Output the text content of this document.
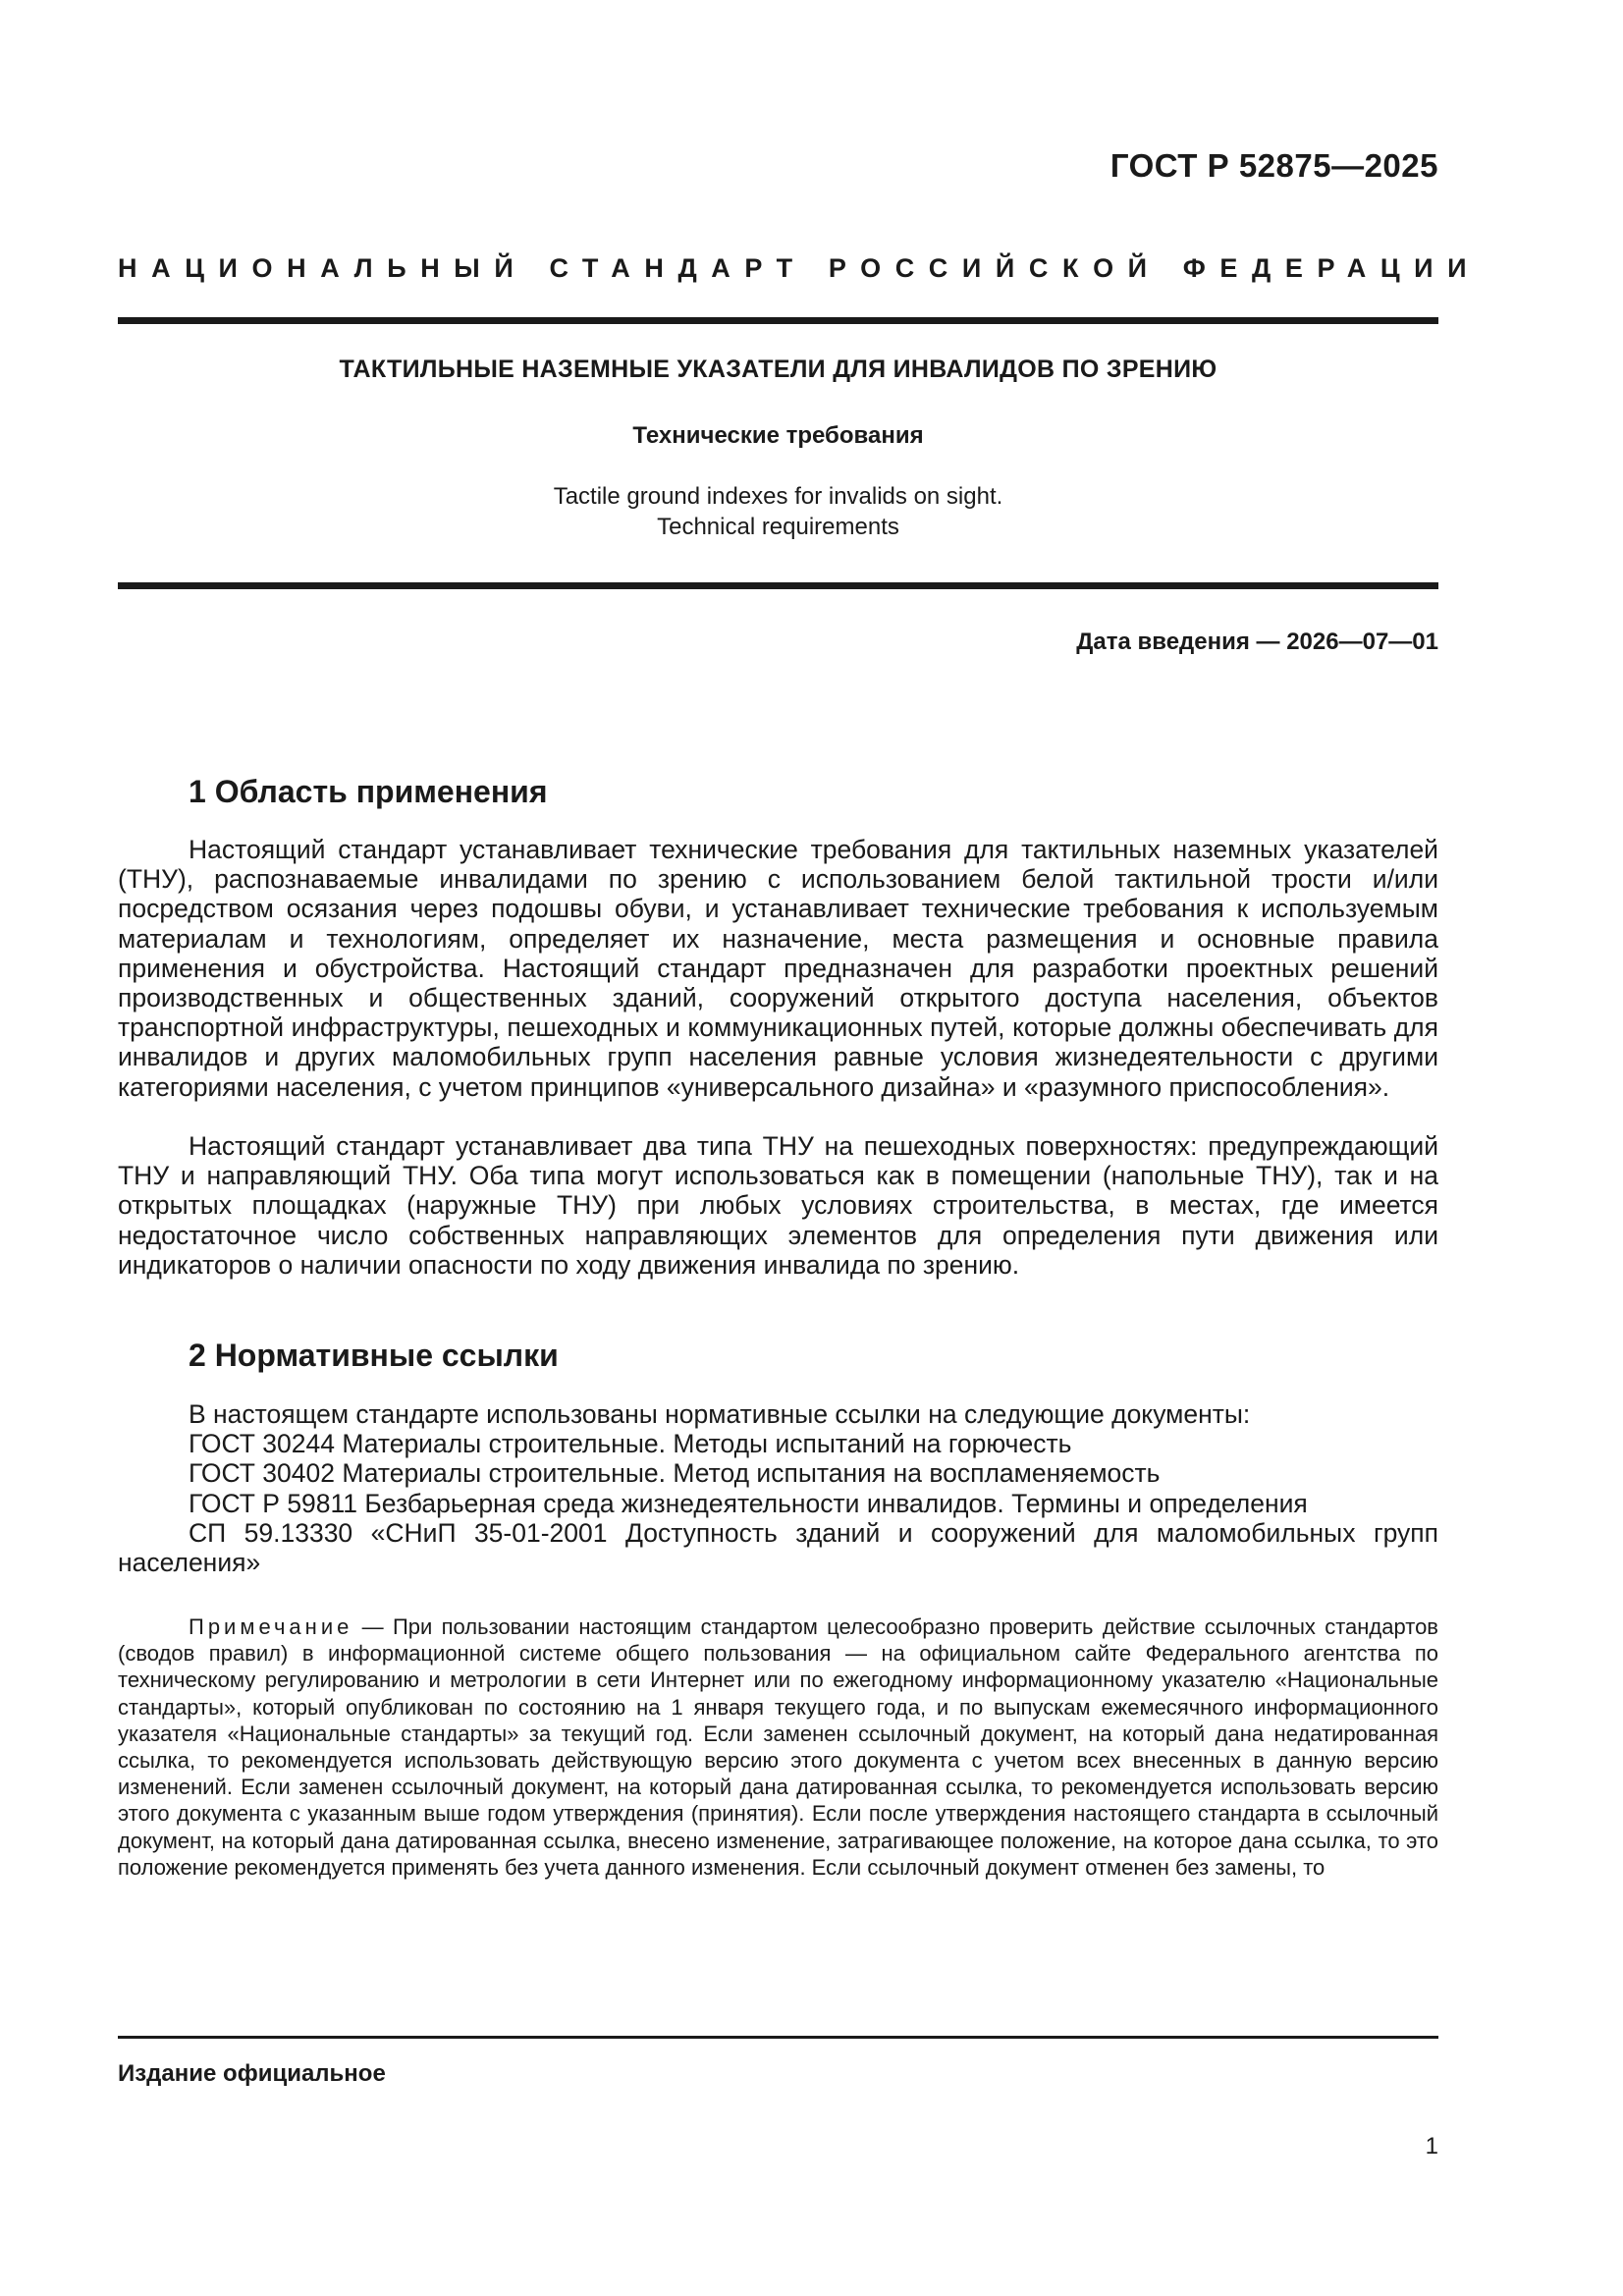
ГОСТ Р 52875—2025
НАЦИОНАЛЬНЫЙ СТАНДАРТ РОССИЙСКОЙ ФЕДЕРАЦИИ
ТАКТИЛЬНЫЕ НАЗЕМНЫЕ УКАЗАТЕЛИ ДЛЯ ИНВАЛИДОВ ПО ЗРЕНИЮ
Технические требования
Tactile ground indexes for invalids on sight.
Technical requirements
Дата введения — 2026—07—01
1 Область применения

Настоящий стандарт устанавливает технические требования для тактильных наземных указателей (ТНУ), распознаваемые инвалидами по зрению с использованием белой тактильной трости и/или посредством осязания через подошвы обуви, и устанавливает технические требования к используемым материалам и технологиям, определяет их назначение, места размещения и основные правила применения и обустройства. Настоящий стандарт предназначен для разработки проектных решений производственных и общественных зданий, сооружений открытого доступа населения, объектов транспортной инфраструктуры, пешеходных и коммуникационных путей, которые должны обеспечивать для инвалидов и других маломобильных групп населения равные условия жизнедеятельности с другими категориями населения, с учетом принципов «универсального дизайна» и «разумного приспособления».

Настоящий стандарт устанавливает два типа ТНУ на пешеходных поверхностях: предупреждающий ТНУ и направляющий ТНУ. Оба типа могут использоваться как в помещении (напольные ТНУ), так и на открытых площадках (наружные ТНУ) при любых условиях строительства, в местах, где имеется недостаточное число собственных направляющих элементов для определения пути движения или индикаторов о наличии опасности по ходу движения инвалида по зрению.

2 Нормативные ссылки
В настоящем стандарте использованы нормативные ссылки на следующие документы:
ГОСТ 30244 Материалы строительные. Методы испытаний на горючесть
ГОСТ 30402 Материалы строительные. Метод испытания на воспламеняемость
ГОСТ Р 59811 Безбарьерная среда жизнедеятельности инвалидов. Термины и определения

СП 59.13330 «СНиП 35-01-2001 Доступность зданий и сооружений для маломобильных групп населения»

Примечание — При пользовании настоящим стандартом целесообразно проверить действие ссылочных стандартов (сводов правил) в информационной системе общего пользования — на официальном сайте Федерального агентства по техническому регулированию и метрологии в сети Интернет или по ежегодному информационному указателю «Национальные стандарты», который опубликован по состоянию на 1 января текущего года, и по выпускам ежемесячного информационного указателя «Национальные стандарты» за текущий год. Если заменен ссылочный документ, на который дана недатированная ссылка, то рекомендуется использовать действующую версию этого документа с учетом всех внесенных в данную версию изменений. Если заменен ссылочный документ, на который дана датированная ссылка, то рекомендуется использовать версию этого документа с указанным выше годом утверждения (принятия). Если после утверждения настоящего стандарта в ссылочный документ, на который дана датированная ссылка, внесено изменение, затрагивающее положение, на которое дана ссылка, то это положение рекомендуется применять без учета данного изменения. Если ссылочный документ отменен без замены, то

Издание официальное
1
